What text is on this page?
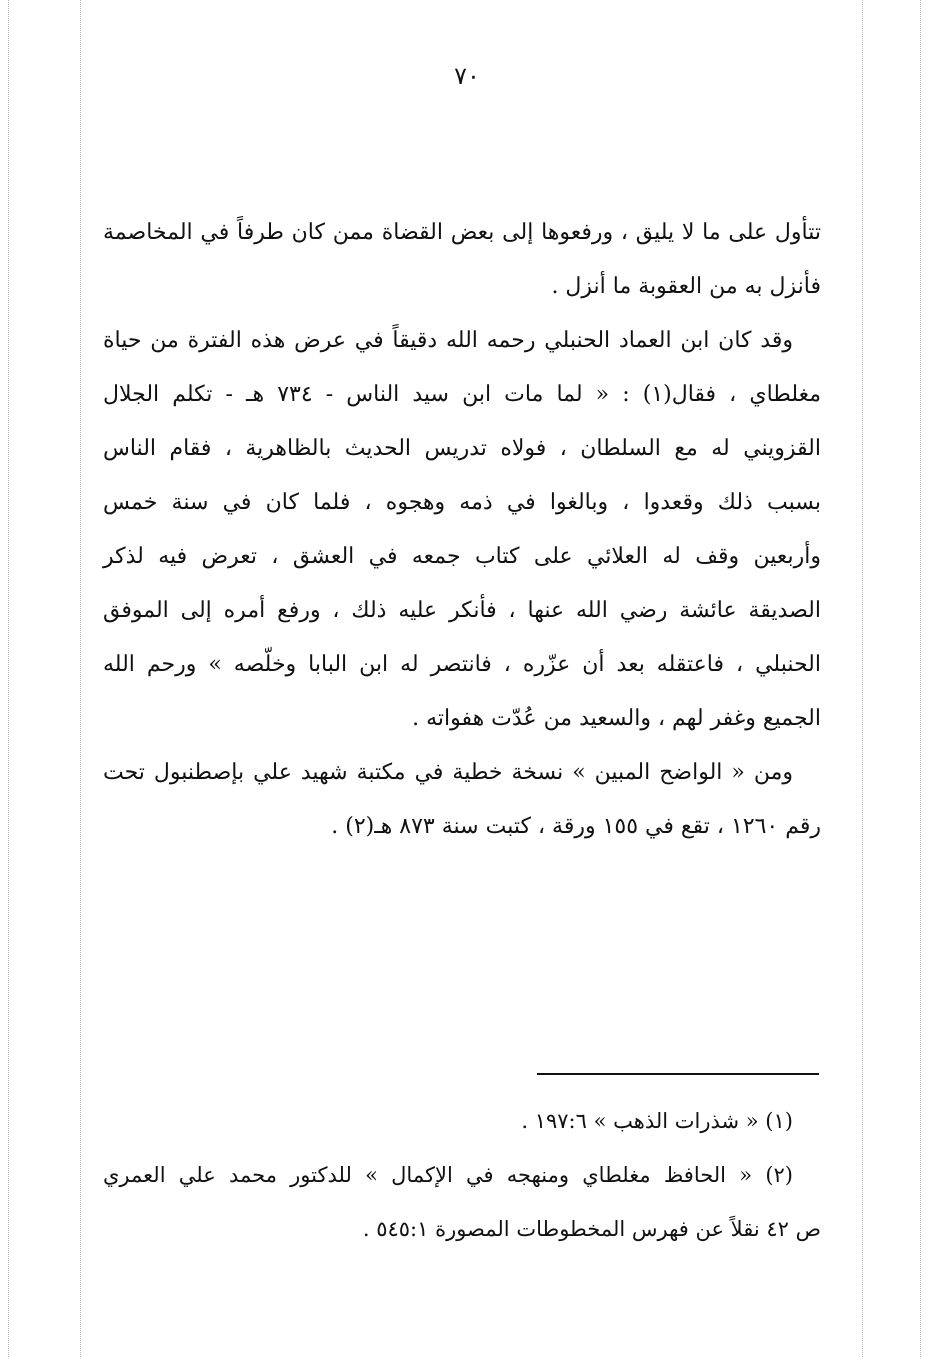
٧٠
تتأول على ما لا يليق ، ورفعوها إلى بعض القضاة ممن كان طرفاً في المخاصمة
فأنزل به من العقوبة ما أنزل .
وقد كان ابن العماد الحنبلي رحمه الله دقيقاً في عرض هذه الفترة من حياة
مغلطاي ، فقال(١) : « لما مات ابن سيد الناس - ٧٣٤ هـ - تكلم الجلال
القزويني له مع السلطان ، فولاه تدريس الحديث بالظاهرية ، فقام الناس
بسبب ذلك وقعدوا ، وبالغوا في ذمه وهجوه ، فلما كان في سنة خمس
وأربعين وقف له العلائي على كتاب جمعه في العشق ، تعرض فيه لذكر
الصديقة عائشة رضي الله عنها ، فأنكر عليه ذلك ، ورفع أمره إلى الموفق
الحنبلي ، فاعتقله بعد أن عزّره ، فانتصر له ابن البابا وخلّصه » ورحم الله
الجميع وغفر لهم ، والسعيد من عُدّت هفواته .
ومن « الواضح المبين » نسخة خطية في مكتبة شهيد علي بإصطنبول تحت
رقم ١٢٦٠ ، تقع في ١٥٥ ورقة ، كتبت سنة ٨٧٣ هـ(٢) .
(١) « شذرات الذهب » ١٩٧:٦ .
(٢) « الحافظ مغلطاي ومنهجه في الإكمال » للدكتور محمد علي العمري
ص ٤٢ نقلاً عن فهرس المخطوطات المصورة ٥٤٥:١ .
